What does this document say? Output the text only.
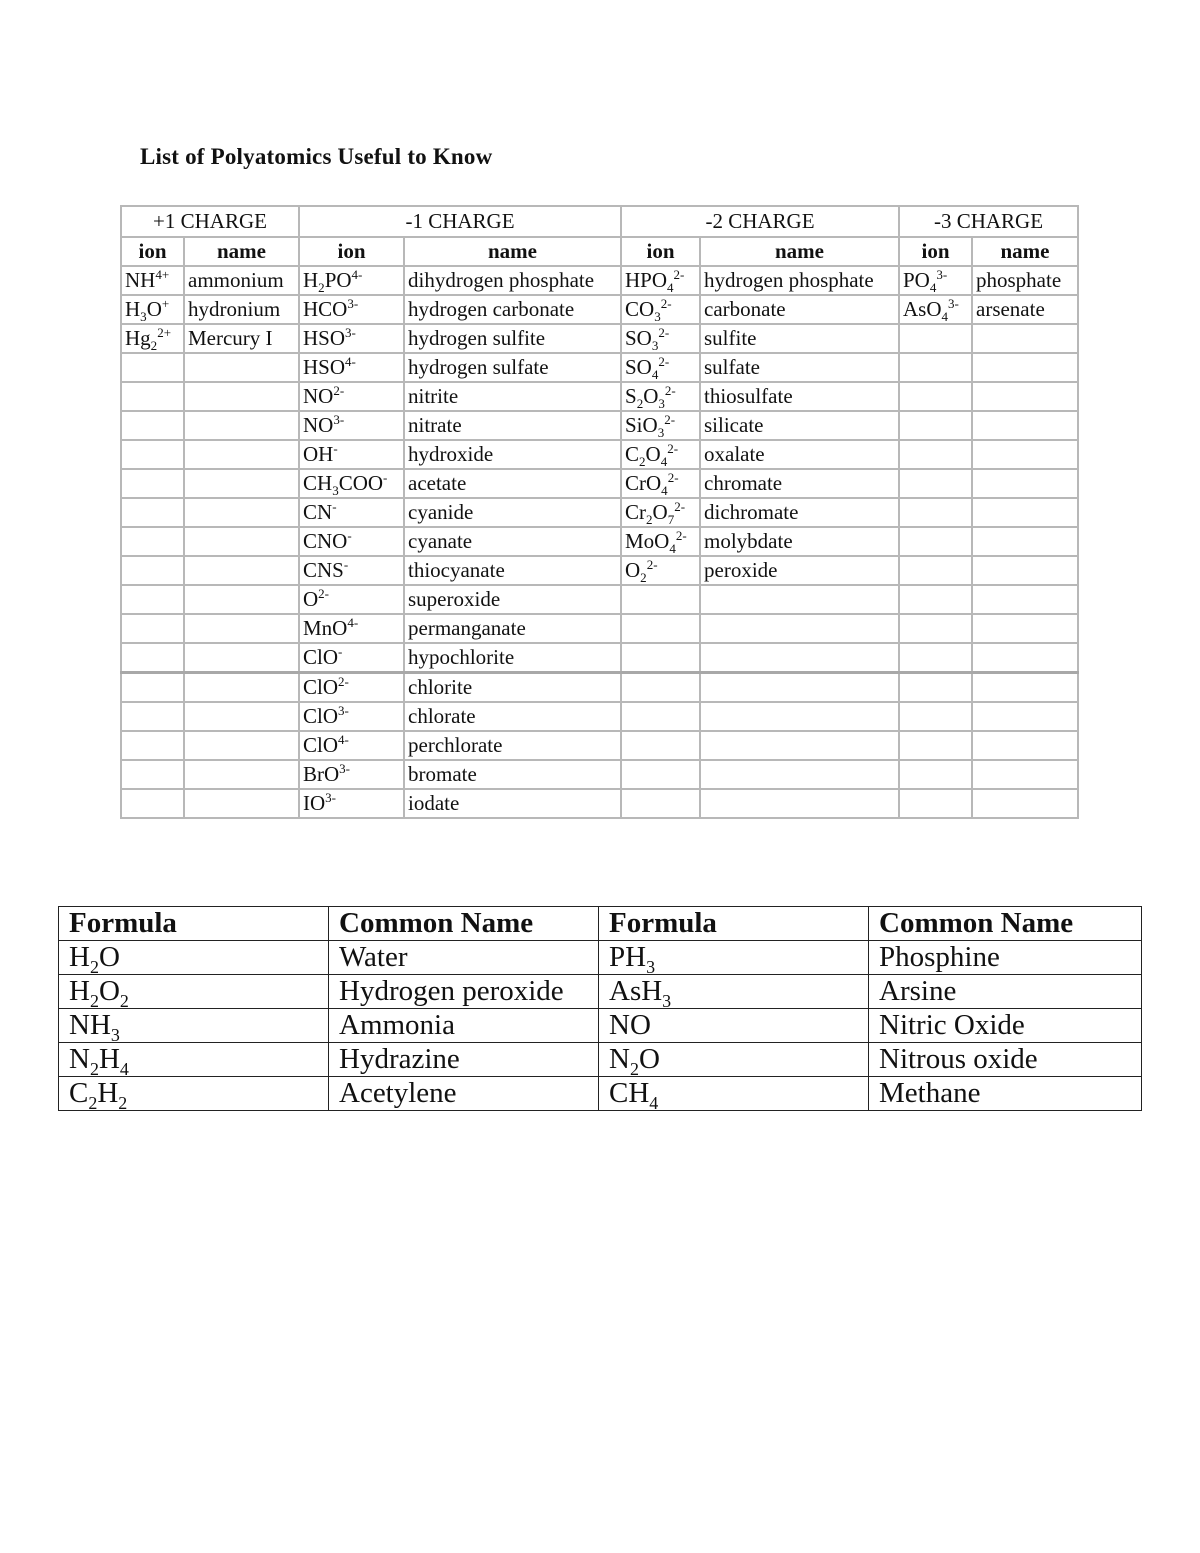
List of Polyatomics Useful to Know
+1 CHARGE		-1 CHARGE		-2 CHARGE		-3 CHARGE	
ion	name	ion	name	ion	name	ion	name
$NH^{4+}$	ammonium	$H_2PO^{4-}$	dihydrogen phosphate	$HPO_4^{2-}$	hydrogen phosphate	$PO_4^{3-}$	phosphate
$H_3O^+$	hydronium	$HCO^{3-}$	hydrogen carbonate	$CO_3^{2-}$	carbonate	AsO$_4^{3-}$	arsenate
$Hg_2^{2+}$	Mercury I	$HSO^{3-}$	hydrogen sulfite	$SO_3^{2-}$	sulfite		
		$HSO^{4-}$	hydrogen sulfate	$SO_4^{2-}$	sulfate		
		$NO^{2-}$	nitrite	$S_2O_3^{2-}$	thiosulfate		
		$NO^{3-}$	nitrate	SiO$_3^{2-}$	silicate		
		OH-	hydroxide	$C_2O_4^{2-}$	oxalate		
		$CH_3COO^-$	acetate	CrO$_4^{2-}$	chromate		
		CN-	cyanide	$Cr_2O_7^{2-}$	dichromate		
		CNO-	cyanate	MoO$_4^{2-}$	molybdate		
		CNS-	thiocyanate	$O_2^{2-}$	peroxide		
		$O^{2-}$	superoxide				
		MnO$^{4-}$	permanganate				
		ClO-	hypochlorite				
		ClO$^{2-}$	chlorite				
		ClO$^{3-}$	chlorate				
		ClO$^{4-}$	perchlorate				
		BrO$^{3-}$	bromate				
		$IO^{3-}$	iodate				
Formula	Common Name	Formula	Common Name
$H_2O$	Water	$PH_3$	Phosphine
$H_2O_2$	Hydrogen peroxide	AsH$_3$	Arsine
$NH_3$	Ammonia	NO	Nitric Oxide
$N_2H_4$	Hydrazine	$N_2O$	Nitrous oxide
$C_2H_2$	Acetylene	$CH_4$	Methane
